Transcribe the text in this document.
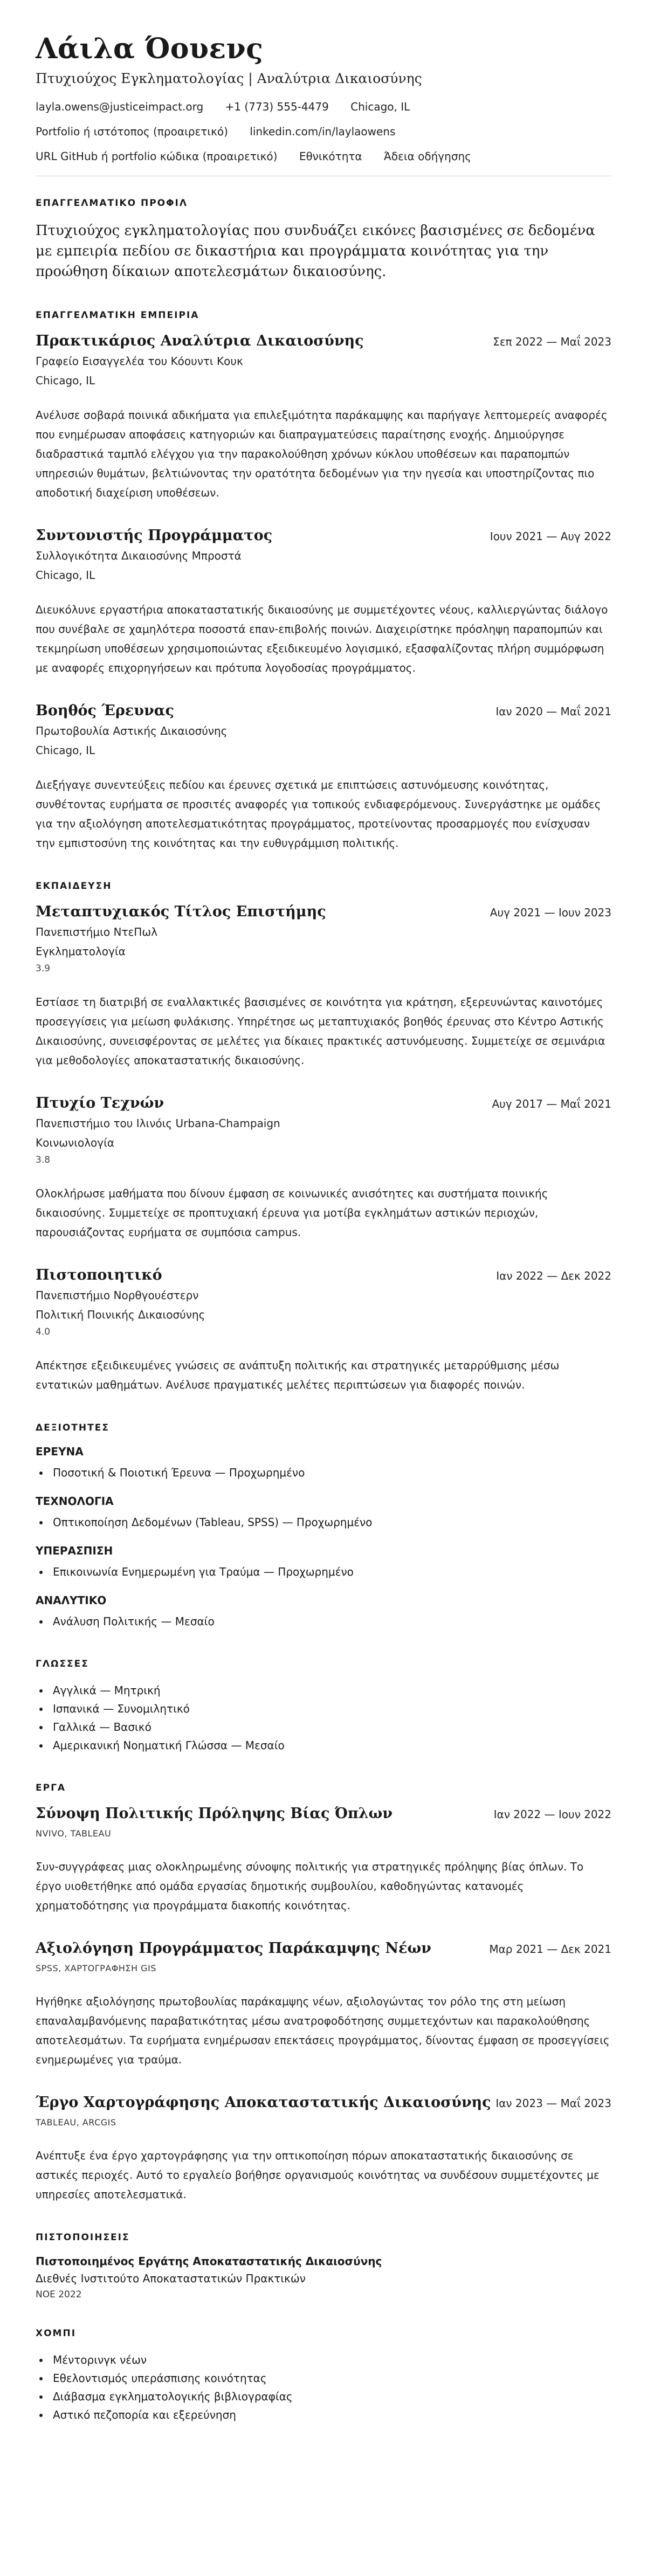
Λάιλα Όουενς
Πτυχιούχος Εγκληματολογίας | Αναλύτρια Δικαιοσύνης
layla.owens@justiceimpact.org +1 (773) 555-4479 Chicago, IL
Portfolio ή ιστότοπος (προαιρετικό) linkedin.com/in/laylaowens
URL GitHub ή portfolio κώδικα (προαιρετικό) Εθνικότητα Άδεια οδήγησης
ΕΠΑΓΓΕΛΜΑΤΙΚΟ ΠΡΟΦΙΛ

Πτυχιούχος εγκληματολογίας που συνδυάζει εικόνες βασισμένες σε δεδομένα με εμπειρία πεδίου σε δικαστήρια και προγράμματα κοινότητας για την προώθηση δίκαιων αποτελεσμάτων δικαιοσύνης.

ΕΠΑΓΓΕΛΜΑΤΙΚΗ ΕΜΠΕΙΡΙΑ
Πρακτικάριος Αναλύτρια Δικαιοσύνης	Σεπ 2022 — Μαΐ 2023
Γραφείο Εισαγγελέα του Κόουντι Κουκ
Chicago, IL
Ανέλυσε σοβαρά ποινικά αδικήματα για επιλεξιμότητα παράκαμψης και παρήγαγε λεπτομερείς αναφορές που ενημέρωσαν αποφάσεις κατηγοριών και διαπραγματεύσεις παραίτησης ενοχής. Δημιούργησε διαδραστικά ταμπλό ελέγχου για την παρακολούθηση χρόνων κύκλου υποθέσεων και παραπομπών υπηρεσιών θυμάτων, βελτιώνοντας την ορατότητα δεδομένων για την ηγεσία και υποστηρίζοντας πιο αποδοτική διαχείριση υποθέσεων.
Συντονιστής Προγράμματος	Ιουν 2021 — Αυγ 2022
Συλλογικότητα Δικαιοσύνης Μπροστά
Chicago, IL
Διευκόλυνε εργαστήρια αποκαταστατικής δικαιοσύνης με συμμετέχοντες νέους, καλλιεργώντας διάλογο που συνέβαλε σε χαμηλότερα ποσοστά επαν-επιβολής ποινών. Διαχειρίστηκε πρόσληψη παραπομπών και τεκμηρίωση υποθέσεων χρησιμοποιώντας εξειδικευμένο λογισμικό, εξασφαλίζοντας πλήρη συμμόρφωση με αναφορές επιχορηγήσεων και πρότυπα λογοδοσίας προγράμματος.
Βοηθός Έρευνας	Ιαν 2020 — Μαΐ 2021
Πρωτοβουλία Αστικής Δικαιοσύνης
Chicago, IL
Διεξήγαγε συνεντεύξεις πεδίου και έρευνες σχετικά με επιπτώσεις αστυνόμευσης κοινότητας, συνθέτοντας ευρήματα σε προσιτές αναφορές για τοπικούς ενδιαφερόμενους. Συνεργάστηκε με ομάδες για την αξιολόγηση αποτελεσματικότητας προγράμματος, προτείνοντας προσαρμογές που ενίσχυσαν την εμπιστοσύνη της κοινότητας και την ευθυγράμμιση πολιτικής.
ΕΚΠΑΙΔΕΥΣΗ
Μεταπτυχιακός Τίτλος Επιστήμης	Αυγ 2021 — Ιουν 2023
Πανεπιστήμιο ΝτεΠωλ
Εγκληματολογία
3.9
Εστίασε τη διατριβή σε εναλλακτικές βασισμένες σε κοινότητα για κράτηση, εξερευνώντας καινοτόμες προσεγγίσεις για μείωση φυλάκισης. Υπηρέτησε ως μεταπτυχιακός βοηθός έρευνας στο Κέντρο Αστικής Δικαιοσύνης, συνεισφέροντας σε μελέτες για δίκαιες πρακτικές αστυνόμευσης. Συμμετείχε σε σεμινάρια για μεθοδολογίες αποκαταστατικής δικαιοσύνης.
Πτυχίο Τεχνών	Αυγ 2017 — Μαΐ 2021
Πανεπιστήμιο του Ιλινόις Urbana-Champaign
Κοινωνιολογία
3.8
Ολοκλήρωσε μαθήματα που δίνουν έμφαση σε κοινωνικές ανισότητες και συστήματα ποινικής δικαιοσύνης. Συμμετείχε σε προπτυχιακή έρευνα για μοτίβα εγκλημάτων αστικών περιοχών, παρουσιάζοντας ευρήματα σε συμπόσια campus.
Πιστοποιητικό	Ιαν 2022 — Δεκ 2022
Πανεπιστήμιο Νορθγουέστερν
Πολιτική Ποινικής Δικαιοσύνης
4.0
Απέκτησε εξειδικευμένες γνώσεις σε ανάπτυξη πολιτικής και στρατηγικές μεταρρύθμισης μέσω εντατικών μαθημάτων. Ανέλυσε πραγματικές μελέτες περιπτώσεων για διαφορές ποινών.
ΔΕΞΙΟΤΗΤΕΣ
ΕΡΕΥΝΑ
• Ποσοτική & Ποιοτική Έρευνα — Προχωρημένο
ΤΕΧΝΟΛΟΓΙΑ
• Οπτικοποίηση Δεδομένων (Tableau, SPSS) — Προχωρημένο
ΥΠΕΡΑΣΠΙΣΗ
• Επικοινωνία Ενημερωμένη για Τραύμα — Προχωρημένο
ΑΝΑΛΥΤΙΚΟ
• Ανάλυση Πολιτικής — Μεσαίο
ΓΛΩΣΣΕΣ
• Αγγλικά — Μητρική
• Ισπανικά — Συνομιλητικό
• Γαλλικά — Βασικό
• Αμερικανική Νοηματική Γλώσσα — Μεσαίο
ΕΡΓΑ
Σύνοψη Πολιτικής Πρόληψης Βίας Όπλων	Ιαν 2022 — Ιουν 2022
NVIVO, TABLEAU
Συν-συγγράφεας μιας ολοκληρωμένης σύνοψης πολιτικής για στρατηγικές πρόληψης βίας όπλων. Το έργο υιοθετήθηκε από ομάδα εργασίας δημοτικής συμβουλίου, καθοδηγώντας κατανομές χρηματοδότησης για προγράμματα διακοπής κοινότητας.
Αξιολόγηση Προγράμματος Παράκαμψης Νέων	Μαρ 2021 — Δεκ 2021
SPSS, ΧΑΡΤΟΓΡΑΦΗΣΗ GIS
Ηγήθηκε αξιολόγησης πρωτοβουλίας παράκαμψης νέων, αξιολογώντας τον ρόλο της στη μείωση επαναλαμβανόμενης παραβατικότητας μέσω ανατροφοδότησης συμμετεχόντων και παρακολούθησης αποτελεσμάτων. Τα ευρήματα ενημέρωσαν επεκτάσεις προγράμματος, δίνοντας έμφαση σε προσεγγίσεις ενημερωμένες για τραύμα.
Έργο Χαρτογράφησης Αποκαταστατικής Δικαιοσύνης Ιαν 2023 — Μαΐ 2023
TABLEAU, ARCGIS
Ανέπτυξε ένα έργο χαρτογράφησης για την οπτικοποίηση πόρων αποκαταστατικής δικαιοσύνης σε αστικές περιοχές. Αυτό το εργαλείο βοήθησε οργανισμούς κοινότητας να συνδέσουν συμμετέχοντες με υπηρεσίες αποτελεσματικά.
ΠΙΣΤΟΠΟΙΗΣΕΙΣ
Πιστοποιημένος Εργάτης Αποκαταστατικής Δικαιοσύνης
Διεθνές Ινστιτούτο Αποκαταστατικών Πρακτικών
ΝΟΕ 2022
ΧΟΜΠΙ
• Μέντορινγκ νέων
• Εθελοντισμός υπεράσπισης κοινότητας
• Διάβασμα εγκληματολογικής βιβλιογραφίας
• Αστικό πεζοπορία και εξερεύνηση
